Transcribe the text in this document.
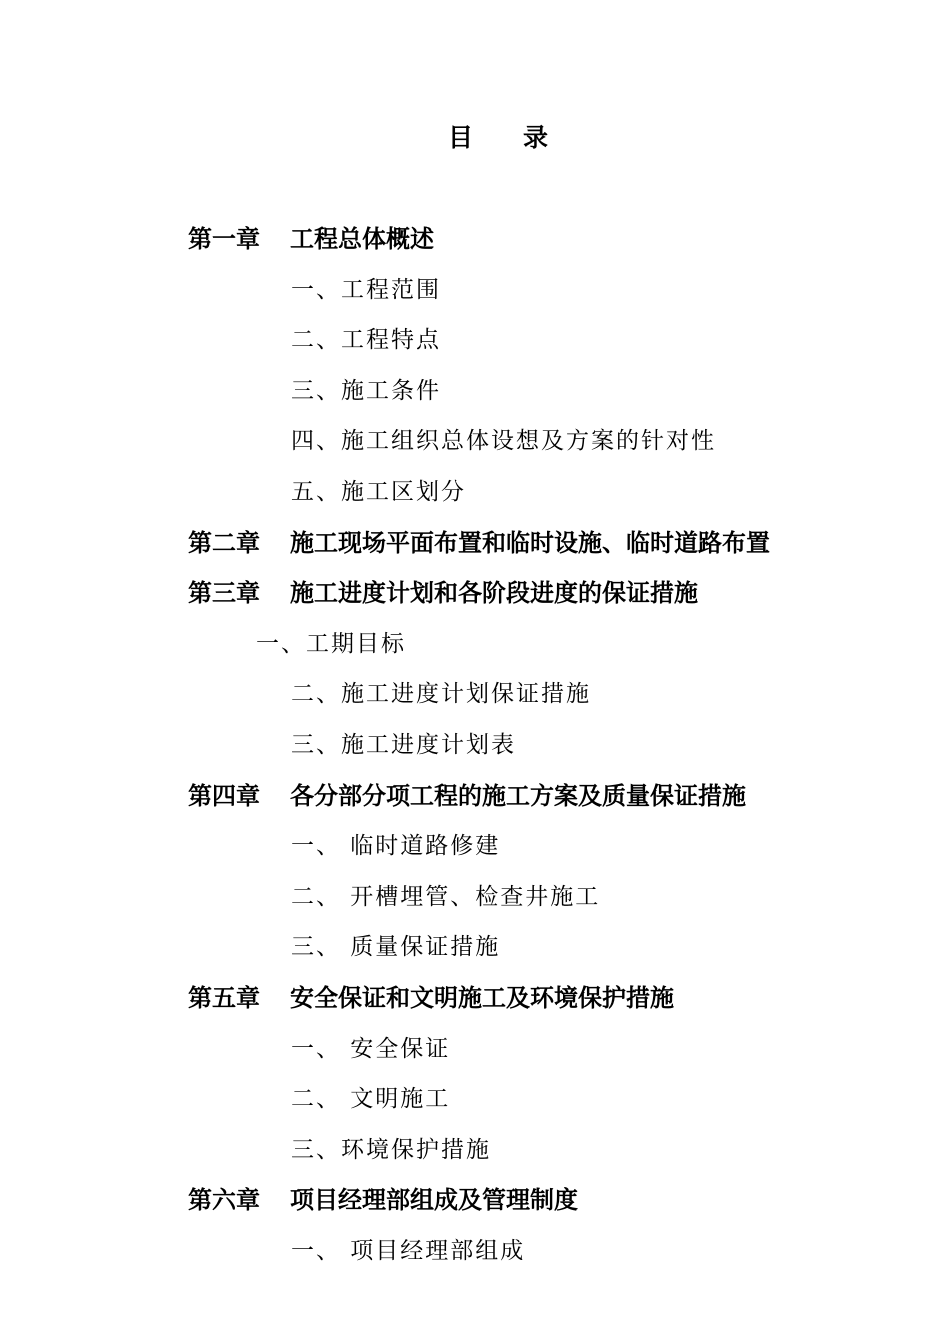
目　　录
第一章 工程总体概述
一、工程范围
二、工程特点
三、施工条件
四、施工组织总体设想及方案的针对性
五、施工区划分
第二章 施工现场平面布置和临时设施、临时道路布置
第三章 施工进度计划和各阶段进度的保证措施
一、工期目标
二、施工进度计划保证措施
三、施工进度计划表
第四章 各分部分项工程的施工方案及质量保证措施
一、 临时道路修建
二、 开槽埋管、检查井施工
三、 质量保证措施
第五章 安全保证和文明施工及环境保护措施
一、 安全保证
二、 文明施工
三、环境保护措施
第六章 项目经理部组成及管理制度
一、 项目经理部组成
